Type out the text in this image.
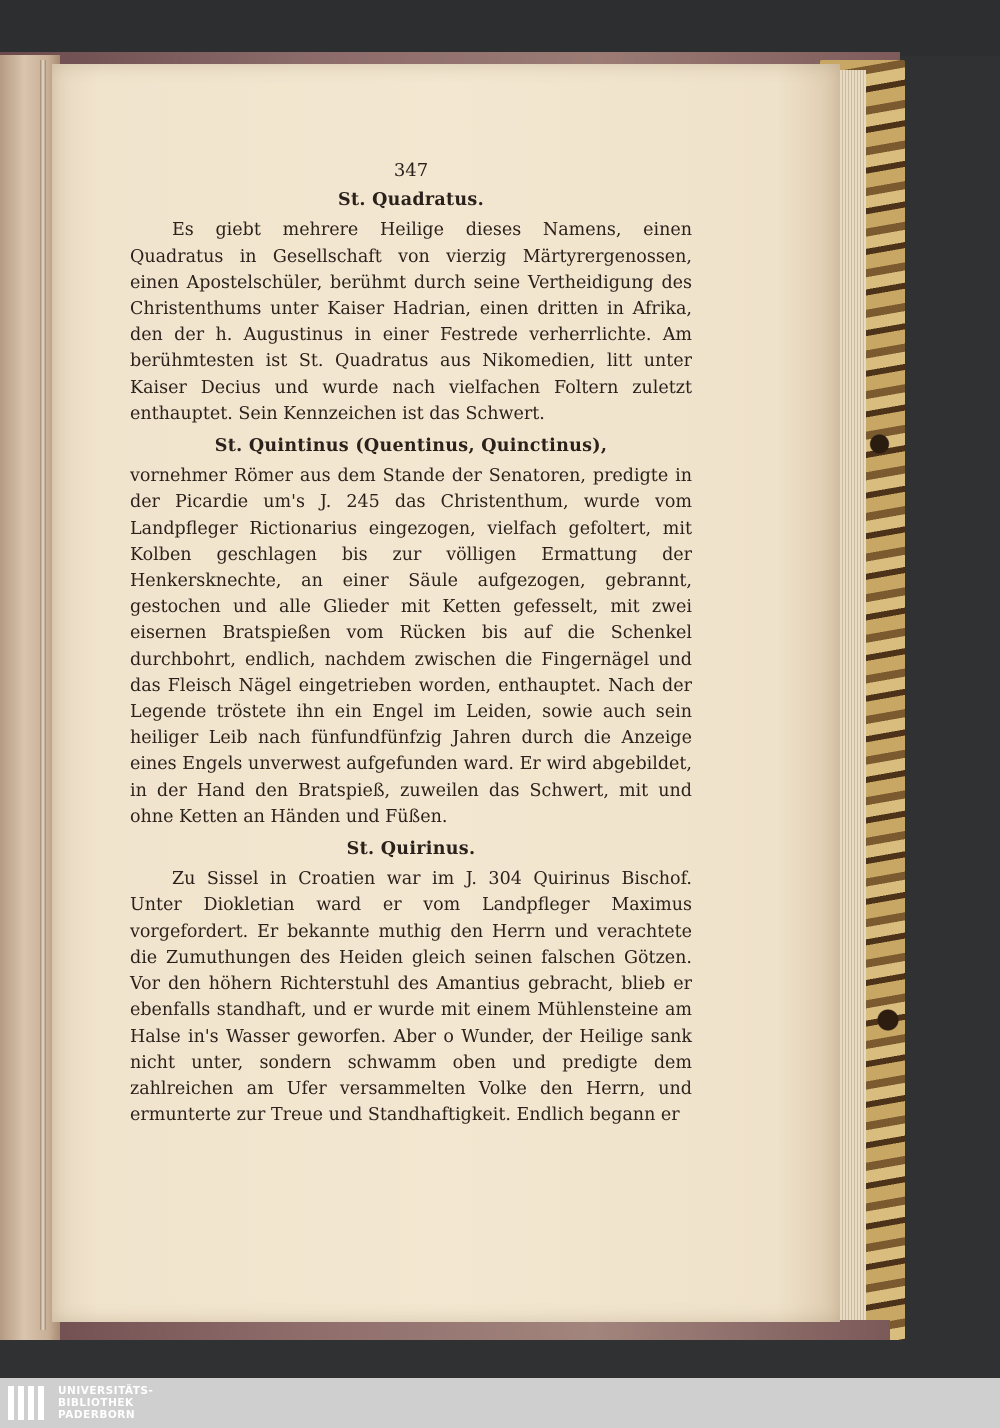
347
St. Quadratus.

Es giebt mehrere Heilige dieses Namens, einen Quadratus in Gesellschaft von vierzig Märtyrergenossen, einen Apostelschüler, berühmt durch seine Vertheidigung des Christenthums unter Kaiser Hadrian, einen dritten in Afrika, den der h. Augustinus in einer Festrede verherrlichte. Am berühmtesten ist St. Quadratus aus Nikomedien, litt unter Kaiser Decius und wurde nach vielfachen Foltern zuletzt enthauptet. Sein Kennzeichen ist das Schwert.

St. Quintinus (Quentinus, Quinctinus),

vornehmer Römer aus dem Stande der Senatoren, predigte in der Picardie um's J. 245 das Christenthum, wurde vom Landpfleger Rictionarius eingezogen, vielfach gefoltert, mit Kolben geschlagen bis zur völligen Ermattung der Henkersknechte, an einer Säule aufgezogen, gebrannt, gestochen und alle Glieder mit Ketten gefesselt, mit zwei eisernen Bratspießen vom Rücken bis auf die Schenkel durchbohrt, endlich, nachdem zwischen die Fingernägel und das Fleisch Nägel eingetrieben worden, enthauptet. Nach der Legende tröstete ihn ein Engel im Leiden, sowie auch sein heiliger Leib nach fünfundfünfzig Jahren durch die Anzeige eines Engels unverwest aufgefunden ward. Er wird abgebildet, in der Hand den Bratspieß, zuweilen das Schwert, mit und ohne Ketten an Händen und Füßen.

St. Quirinus.

Zu Sissel in Croatien war im J. 304 Quirinus Bischof. Unter Diokletian ward er vom Landpfleger Maximus vorgefordert. Er bekannte muthig den Herrn und verachtete die Zumuthungen des Heiden gleich seinen falschen Götzen. Vor den höhern Richterstuhl des Amantius gebracht, blieb er ebenfalls standhaft, und er wurde mit einem Mühlensteine am Halse in's Wasser geworfen. Aber o Wunder, der Heilige sank nicht unter, sondern schwamm oben und predigte dem zahlreichen am Ufer versammelten Volke den Herrn, und ermunterte zur Treue und Standhaftigkeit. Endlich begann er

UNIVERSITÄTS-
BIBLIOTHEK
PADERBORN
